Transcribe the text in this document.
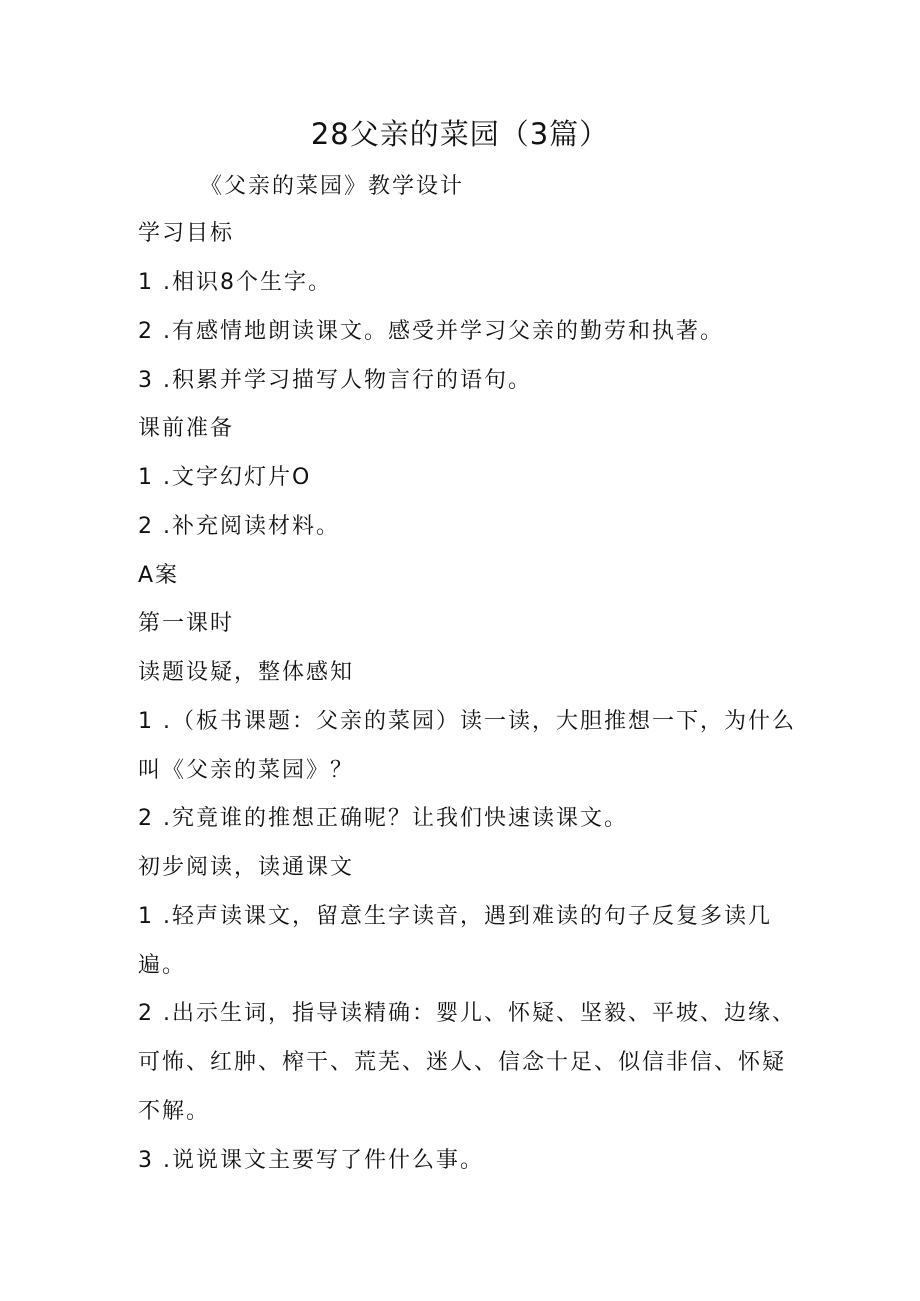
28父亲的菜园（3篇）
《父亲的菜园》教学设计
学习目标
1 .相识8个生字。
2 .有感情地朗读课文。感受并学习父亲的勤劳和执著。
3 .积累并学习描写人物言行的语句。
课前准备
1 .文字幻灯片O
2 .补充阅读材料。
A案
第一课时
读题设疑，整体感知
1 .（板书课题：父亲的菜园）读一读，大胆推想一下，为什么
叫《父亲的菜园》？
2 .究竟谁的推想正确呢？让我们快速读课文。
初步阅读，读通课文
1 .轻声读课文，留意生字读音，遇到难读的句子反复多读几
遍。
2 .出示生词，指导读精确：婴儿、怀疑、坚毅、平坡、边缘、
可怖、红肿、榨干、荒芜、迷人、信念十足、似信非信、怀疑
不解。
3 .说说课文主要写了件什么事。
